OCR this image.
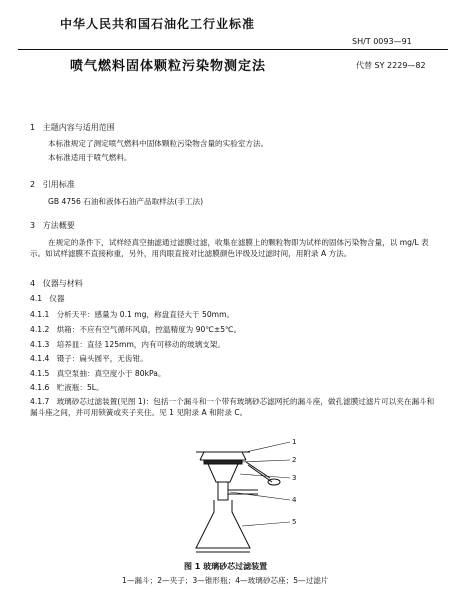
中华人民共和国石油化工行业标准
SH/T 0093—91
喷气燃料固体颗粒污染物测定法	代替 SY 2229—82
1 主题内容与适用范围
本标准规定了测定喷气燃料中固体颗粒污染物含量的实验室方法。
本标准适用于喷气燃料。
2 引用标准
GB 4756 石油和液体石油产品取样法(手工法)
3 方法概要
在规定的条件下，试样经真空抽滤通过滤膜过滤，收集在滤膜上的颗粒物即为试样的固体污染物含量，以 mg/L 表示。如试样滤膜不直接称重，另外，用肉眼直接对比滤膜颜色评级及过滤时间，用附录 A 方法。
4 仪器与材料
4.1 仪器
4.1.1 分析天平：感量为 0.1 mg，称盘直径大于 50mm。
4.1.2 烘箱：不应有空气循环风扇，控温精度为 90℃±5℃。
4.1.3 培养皿：直径 125mm，内有可移动的玻璃支架。
4.1.4 镊子：扁头圆平，无齿钳。
4.1.5 真空泵抽：真空度小于 80kPa。
4.1.6 贮液瓶：5L。
4.1.7 玻璃砂芯过滤装置(见图 1)：包括一个漏斗和一个带有玻璃砂芯滤网托的漏斗座，做孔滤膜过滤片可以夹在漏斗和漏斗座之间，并可用锁簧或夹子夹住。见 1 见附录 A 和附录 C。
1
2
3
4
5
图 1 玻璃砂芯过滤装置
1—漏斗；2—夹子；3—锥形瓶；4—玻璃砂芯座；5—过滤片
